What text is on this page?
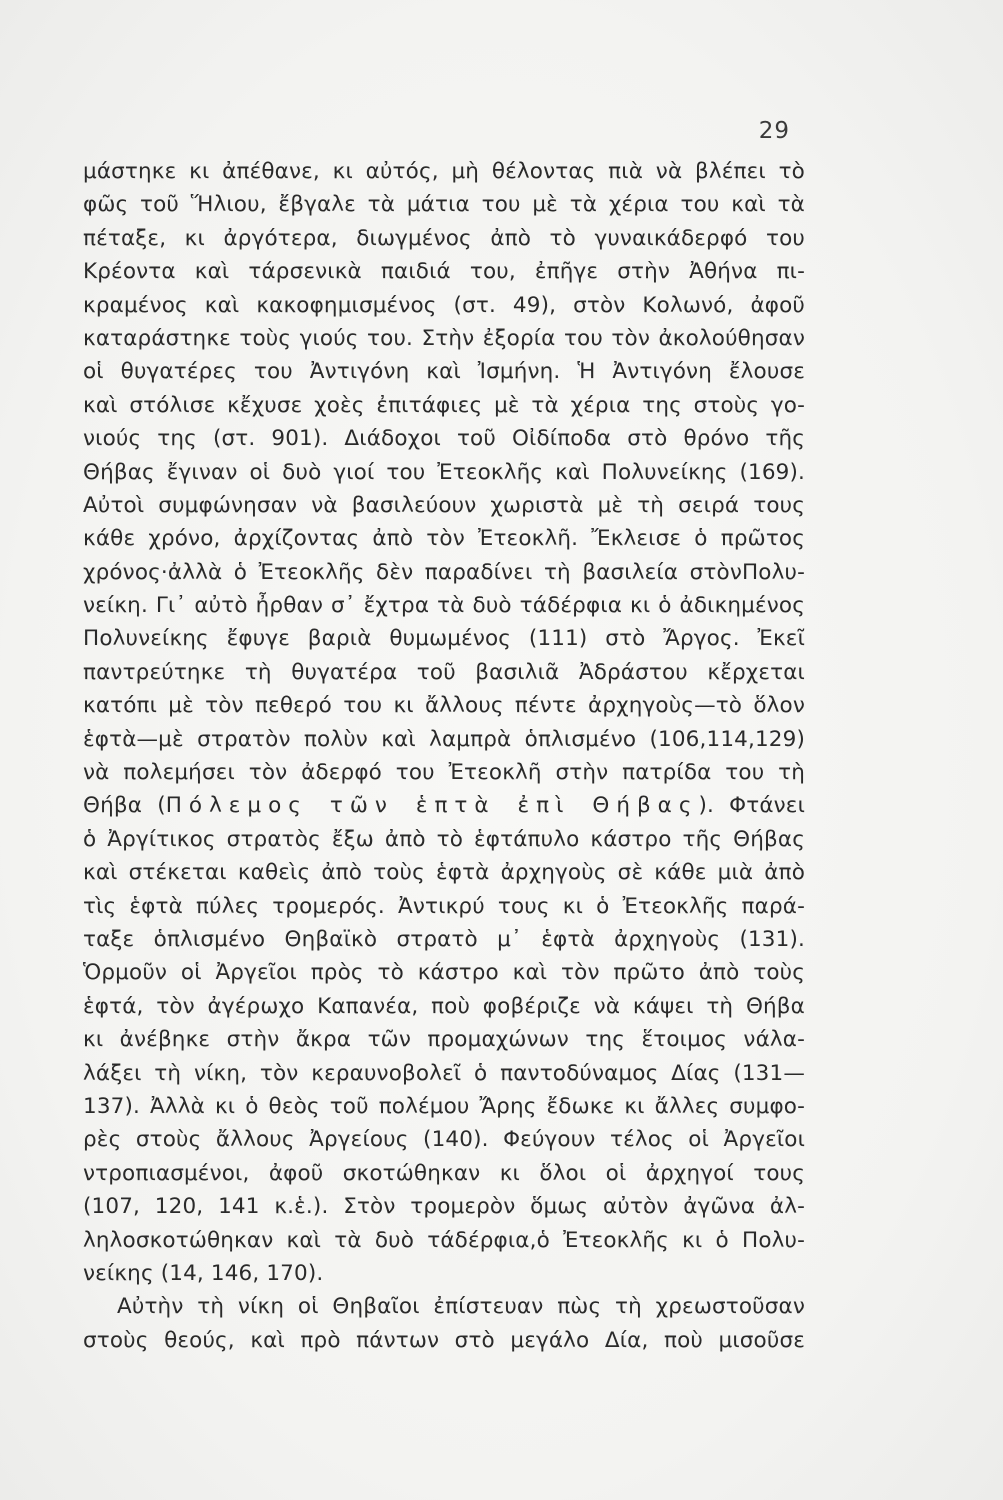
29
μάστηκε κι ἀπέθανε, κι αὐτός, μὴ θέλοντας πιὰ νὰ βλέπει τὸ
φῶς τοῦ Ἥλιου, ἔβγαλε τὰ μάτια του μὲ τὰ χέρια του καὶ τὰ
πέταξε, κι ἀργότερα, διωγμένος ἀπὸ τὸ γυναικάδερφό του
Κρέοντα καὶ τάρσενικὰ παιδιά του, ἐπῆγε στὴν Ἀθήνα πι-
κραμένος καὶ κακοφημισμένος (στ. 49), στὸν Κολωνό, ἀφοῦ
καταράστηκε τοὺς γιούς του. Στὴν ἐξορία του τὸν ἀκολούθησαν
οἱ θυγατέρες του Ἀντιγόνη καὶ Ἰσμήνη. Ἡ Ἀντιγόνη ἔλουσε
καὶ στόλισε κἔχυσε χοὲς ἐπιτάφιες μὲ τὰ χέρια της στοὺς γο-
νιούς της (στ. 901). Διάδοχοι τοῦ Οἰδίποδα στὸ θρόνο τῆς
Θήβας ἔγιναν οἱ δυὸ γιοί του Ἐτεοκλῆς καὶ Πολυνείκης (169).
Αὐτοὶ συμφώνησαν νὰ βασιλεύουν χωριστὰ μὲ τὴ σειρά τους
κάθε χρόνο, ἀρχίζοντας ἀπὸ τὸν Ἐτεοκλῆ. Ἔκλεισε ὁ πρῶτος
χρόνος·ἀλλὰ ὁ Ἐτεοκλῆς δὲν παραδίνει τὴ βασιλεία στὸνΠολυ-
νείκη. Γι᾿ αὐτὸ ἦρθαν σ᾿ ἔχτρα τὰ δυὸ τάδέρφια κι ὁ ἀδικημένος
Πολυνείκης ἔφυγε βαριὰ θυμωμένος (111) στὸ Ἄργος. Ἐκεῖ
παντρεύτηκε τὴ θυγατέρα τοῦ βασιλιᾶ Ἀδράστου κἔρχεται
κατόπι μὲ τὸν πεθερό του κι ἄλλους πέντε ἀρχηγοὺς—τὸ ὅλον
ἑφτὰ—μὲ στρατὸν πολὺν καὶ λαμπρὰ ὁπλισμένο (106,114,129)
νὰ πολεμήσει τὸν ἀδερφό του Ἐτεοκλῆ στὴν πατρίδα του τὴ
Θήβα (Πόλεμος τῶν ἑπτὰ ἐπὶ Θήβας). Φτάνει
ὁ Ἀργίτικος στρατὸς ἔξω ἀπὸ τὸ ἑφτάπυλο κάστρο τῆς Θήβας
καὶ στέκεται καθεὶς ἀπὸ τοὺς ἑφτὰ ἀρχηγοὺς σὲ κάθε μιὰ ἀπὸ
τὶς ἑφτὰ πύλες τρομερός. Ἀντικρύ τους κι ὁ Ἐτεοκλῆς παρά-
ταξε ὁπλισμένο Θηβαϊκὸ στρατὸ μ᾿ ἑφτὰ ἀρχηγοὺς (131).
Ὁρμοῦν οἱ Ἀργεῖοι πρὸς τὸ κάστρο καὶ τὸν πρῶτο ἀπὸ τοὺς
ἑφτά, τὸν ἀγέρωχο Καπανέα, ποὺ φοβέριζε νὰ κάψει τὴ Θήβα
κι ἀνέβηκε στὴν ἄκρα τῶν προμαχώνων της ἕτοιμος νάλα-
λάξει τὴ νίκη, τὸν κεραυνοβολεῖ ὁ παντοδύναμος Δίας (131—
137). Ἀλλὰ κι ὁ θεὸς τοῦ πολέμου Ἄρης ἔδωκε κι ἄλλες συμφο-
ρὲς στοὺς ἄλλους Ἀργείους (140). Φεύγουν τέλος οἱ Ἀργεῖοι
ντροπιασμένοι, ἀφοῦ σκοτώθηκαν κι ὅλοι οἱ ἀρχηγοί τους
(107, 120, 141 κ.ἑ.). Στὸν τρομερὸν ὅμως αὐτὸν ἀγῶνα ἀλ-
ληλοσκοτώθηκαν καὶ τὰ δυὸ τάδέρφια,ὁ Ἐτεοκλῆς κι ὁ Πολυ-
νείκης (14, 146, 170).
Αὐτὴν τὴ νίκη οἱ Θηβαῖοι ἐπίστευαν πὼς τὴ χρεωστοῦσαν
στοὺς θεούς, καὶ πρὸ πάντων στὸ μεγάλο Δία, ποὺ μισοῦσε
